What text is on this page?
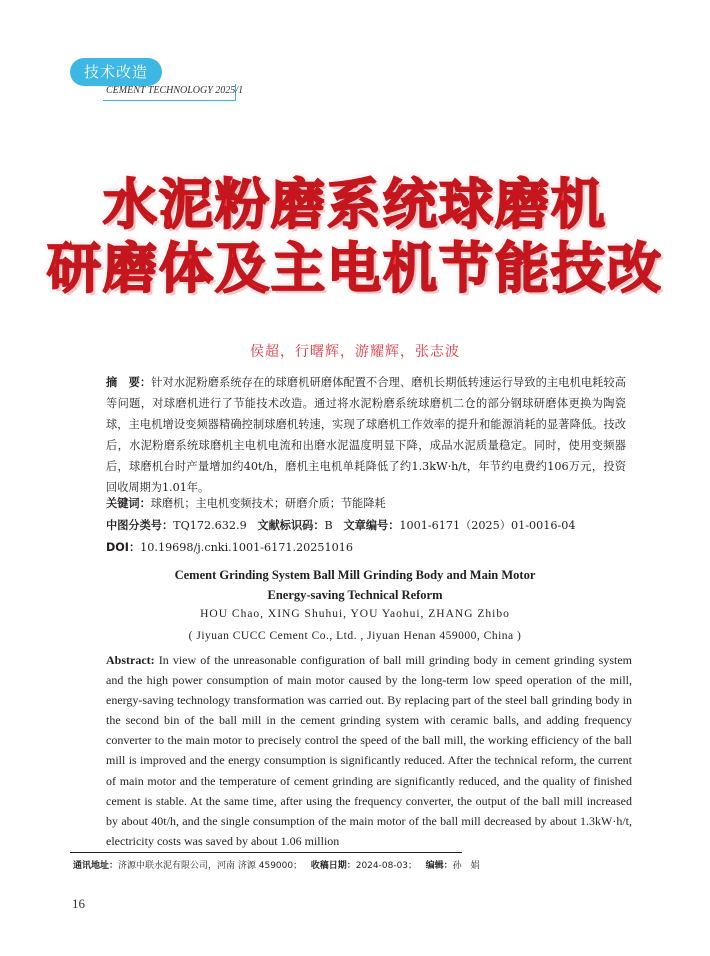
技术改造
CEMENT TECHNOLOGY 2025/1
水泥粉磨系统球磨机
研磨体及主电机节能技改
侯超，行曙辉，游耀辉，张志波
摘　要：针对水泥粉磨系统存在的球磨机研磨体配置不合理、磨机长期低转速运行导致的主电机电耗较高等问题，对球磨机进行了节能技术改造。通过将水泥粉磨系统球磨机二仓的部分钢球研磨体更换为陶瓷球，主电机增设变频器精确控制球磨机转速，实现了球磨机工作效率的提升和能源消耗的显著降低。技改后，水泥粉磨系统球磨机主电机电流和出磨水泥温度明显下降，成品水泥质量稳定。同时，使用变频器后，球磨机台时产量增加约40t/h，磨机主电机单耗降低了约1.3kW·h/t，年节约电费约106万元，投资回收周期为1.01年。
关键词：球磨机；主电机变频技术；研磨介质；节能降耗
中图分类号：TQ172.632.9 文献标识码：B 文章编号：1001-6171（2025）01-0016-04
DOI：10.19698/j.cnki.1001-6171.20251016
Cement Grinding System Ball Mill Grinding Body and Main Motor
Energy-saving Technical Reform
HOU Chao, XING Shuhui, YOU Yaohui, ZHANG Zhibo
( Jiyuan CUCC Cement Co., Ltd. , Jiyuan Henan 459000, China )
Abstract: In view of the unreasonable configuration of ball mill grinding body in cement grinding system and the high power consumption of main motor caused by the long-term low speed operation of the mill, energy-saving technology transformation was carried out. By replacing part of the steel ball grinding body in the second bin of the ball mill in the cement grinding system with ceramic balls, and adding frequency converter to the main motor to precisely control the speed of the ball mill, the working efficiency of the ball mill is improved and the energy consumption is significantly reduced. After the technical reform, the current of main motor and the temperature of cement grinding are significantly reduced, and the quality of finished cement is stable. At the same time, after using the frequency converter, the output of the ball mill increased by about 40t/h, and the single consumption of the main motor of the ball mill decreased by about 1.3kW·h/t, electricity costs was saved by about 1.06 million
通讯地址：济源中联水泥有限公司，河南 济源 459000； 收稿日期：2024-08-03； 编辑：孙　娟
16
